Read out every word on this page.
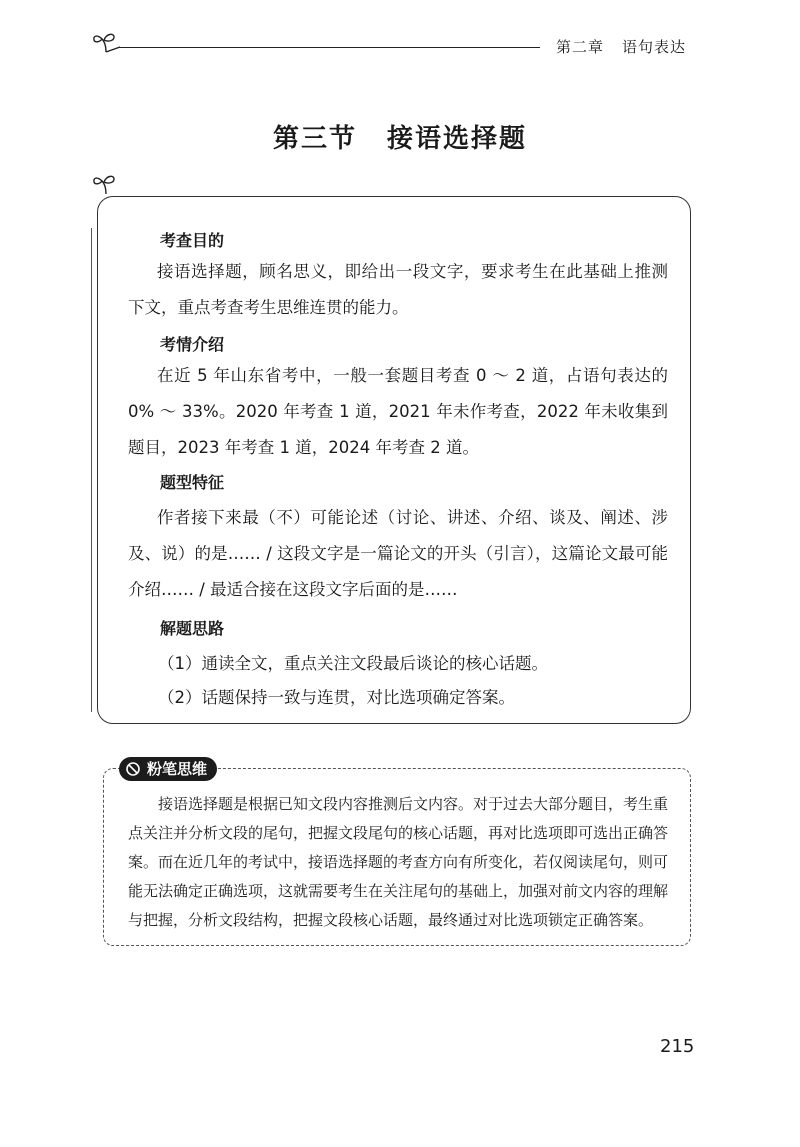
第二章 语句表达
第三节 接语选择题
考查目的
接语选择题，顾名思义，即给出一段文字，要求考生在此基础上推测下文，重点考查考生思维连贯的能力。
考情介绍
在近 5 年山东省考中，一般一套题目考查 0 ～ 2 道，占语句表达的 0% ～ 33%。2020 年考查 1 道，2021 年未作考查，2022 年未收集到题目，2023 年考查 1 道，2024 年考查 2 道。
题型特征
作者接下来最（不）可能论述（讨论、讲述、介绍、谈及、阐述、涉及、说）的是…… / 这段文字是一篇论文的开头（引言），这篇论文最可能介绍…… / 最适合接在这段文字后面的是……
解题思路
（1）通读全文，重点关注文段最后谈论的核心话题。
（2）话题保持一致与连贯，对比选项确定答案。
粉笔思维
接语选择题是根据已知文段内容推测后文内容。对于过去大部分题目，考生重点关注并分析文段的尾句，把握文段尾句的核心话题，再对比选项即可选出正确答案。而在近几年的考试中，接语选择题的考查方向有所变化，若仅阅读尾句，则可能无法确定正确选项，这就需要考生在关注尾句的基础上，加强对前文内容的理解与把握，分析文段结构，把握文段核心话题，最终通过对比选项锁定正确答案。
215
